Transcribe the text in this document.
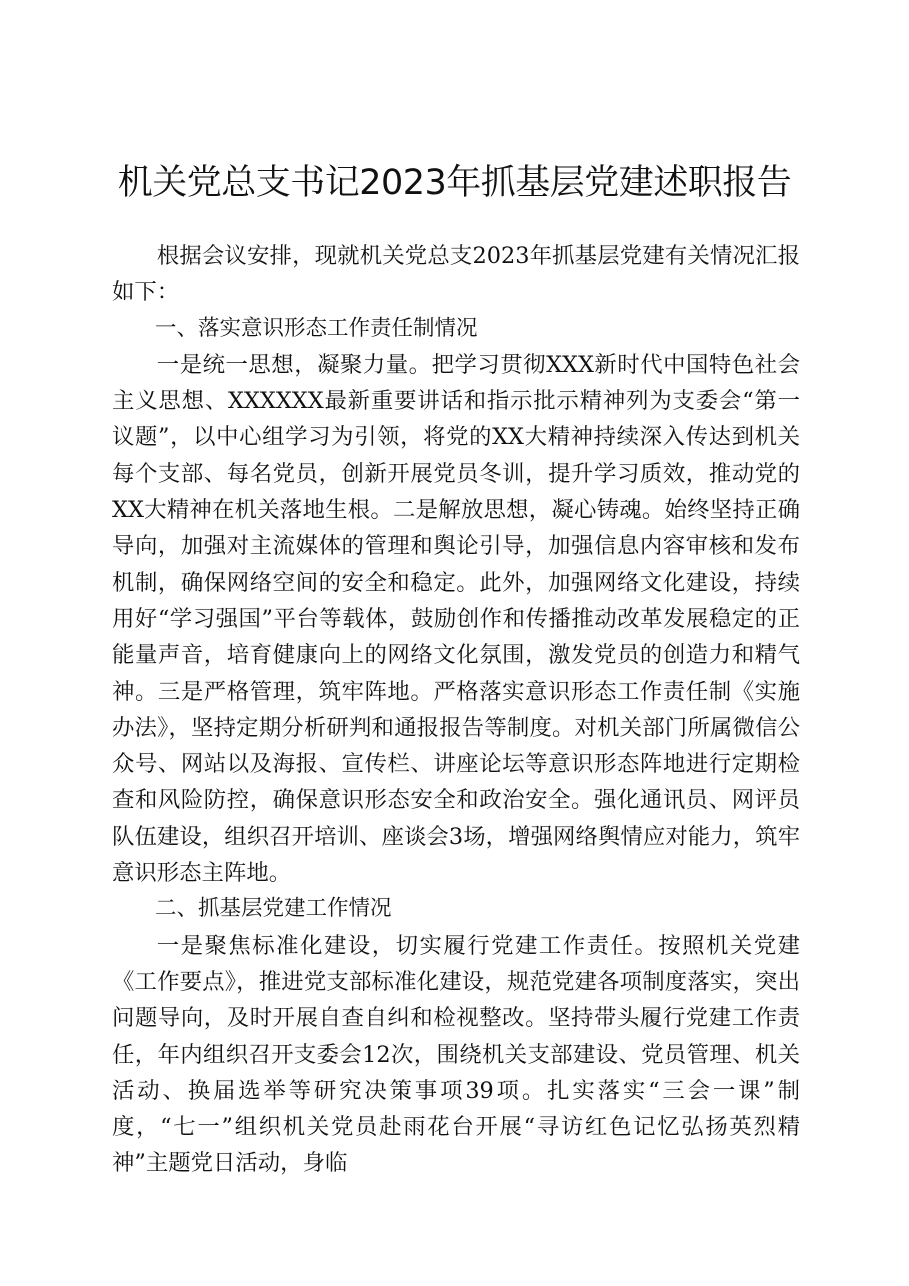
机关党总支书记2023年抓基层党建述职报告

根据会议安排，现就机关党总支2023年抓基层党建有关情况汇报如下：

一、落实意识形态工作责任制情况

一是统一思想，凝聚力量。把学习贯彻XXX新时代中国特色社会主义思想、XXXXXX最新重要讲话和指示批示精神列为支委会“第一议题”，以中心组学习为引领，将党的XX大精神持续深入传达到机关每个支部、每名党员，创新开展党员冬训，提升学习质效，推动党的XX大精神在机关落地生根。二是解放思想，凝心铸魂。始终坚持正确导向，加强对主流媒体的管理和舆论引导，加强信息内容审核和发布机制，确保网络空间的安全和稳定。此外，加强网络文化建设，持续用好“学习强国”平台等载体，鼓励创作和传播推动改革发展稳定的正能量声音，培育健康向上的网络文化氛围，激发党员的创造力和精气神。三是严格管理，筑牢阵地。严格落实意识形态工作责任制《实施办法》，坚持定期分析研判和通报报告等制度。对机关部门所属微信公众号、网站以及海报、宣传栏、讲座论坛等意识形态阵地进行定期检查和风险防控，确保意识形态安全和政治安全。强化通讯员、网评员队伍建设，组织召开培训、座谈会3场，增强网络舆情应对能力，筑牢意识形态主阵地。

二、抓基层党建工作情况

一是聚焦标准化建设，切实履行党建工作责任。按照机关党建《工作要点》，推进党支部标准化建设，规范党建各项制度落实，突出问题导向，及时开展自查自纠和检视整改。坚持带头履行党建工作责任，年内组织召开支委会12次，围绕机关支部建设、党员管理、机关活动、换届选举等研究决策事项39项。扎实落实“三会一课”制度，“七一”组织机关党员赴雨花台开展“寻访红色记忆弘扬英烈精神”主题党日活动，身临
